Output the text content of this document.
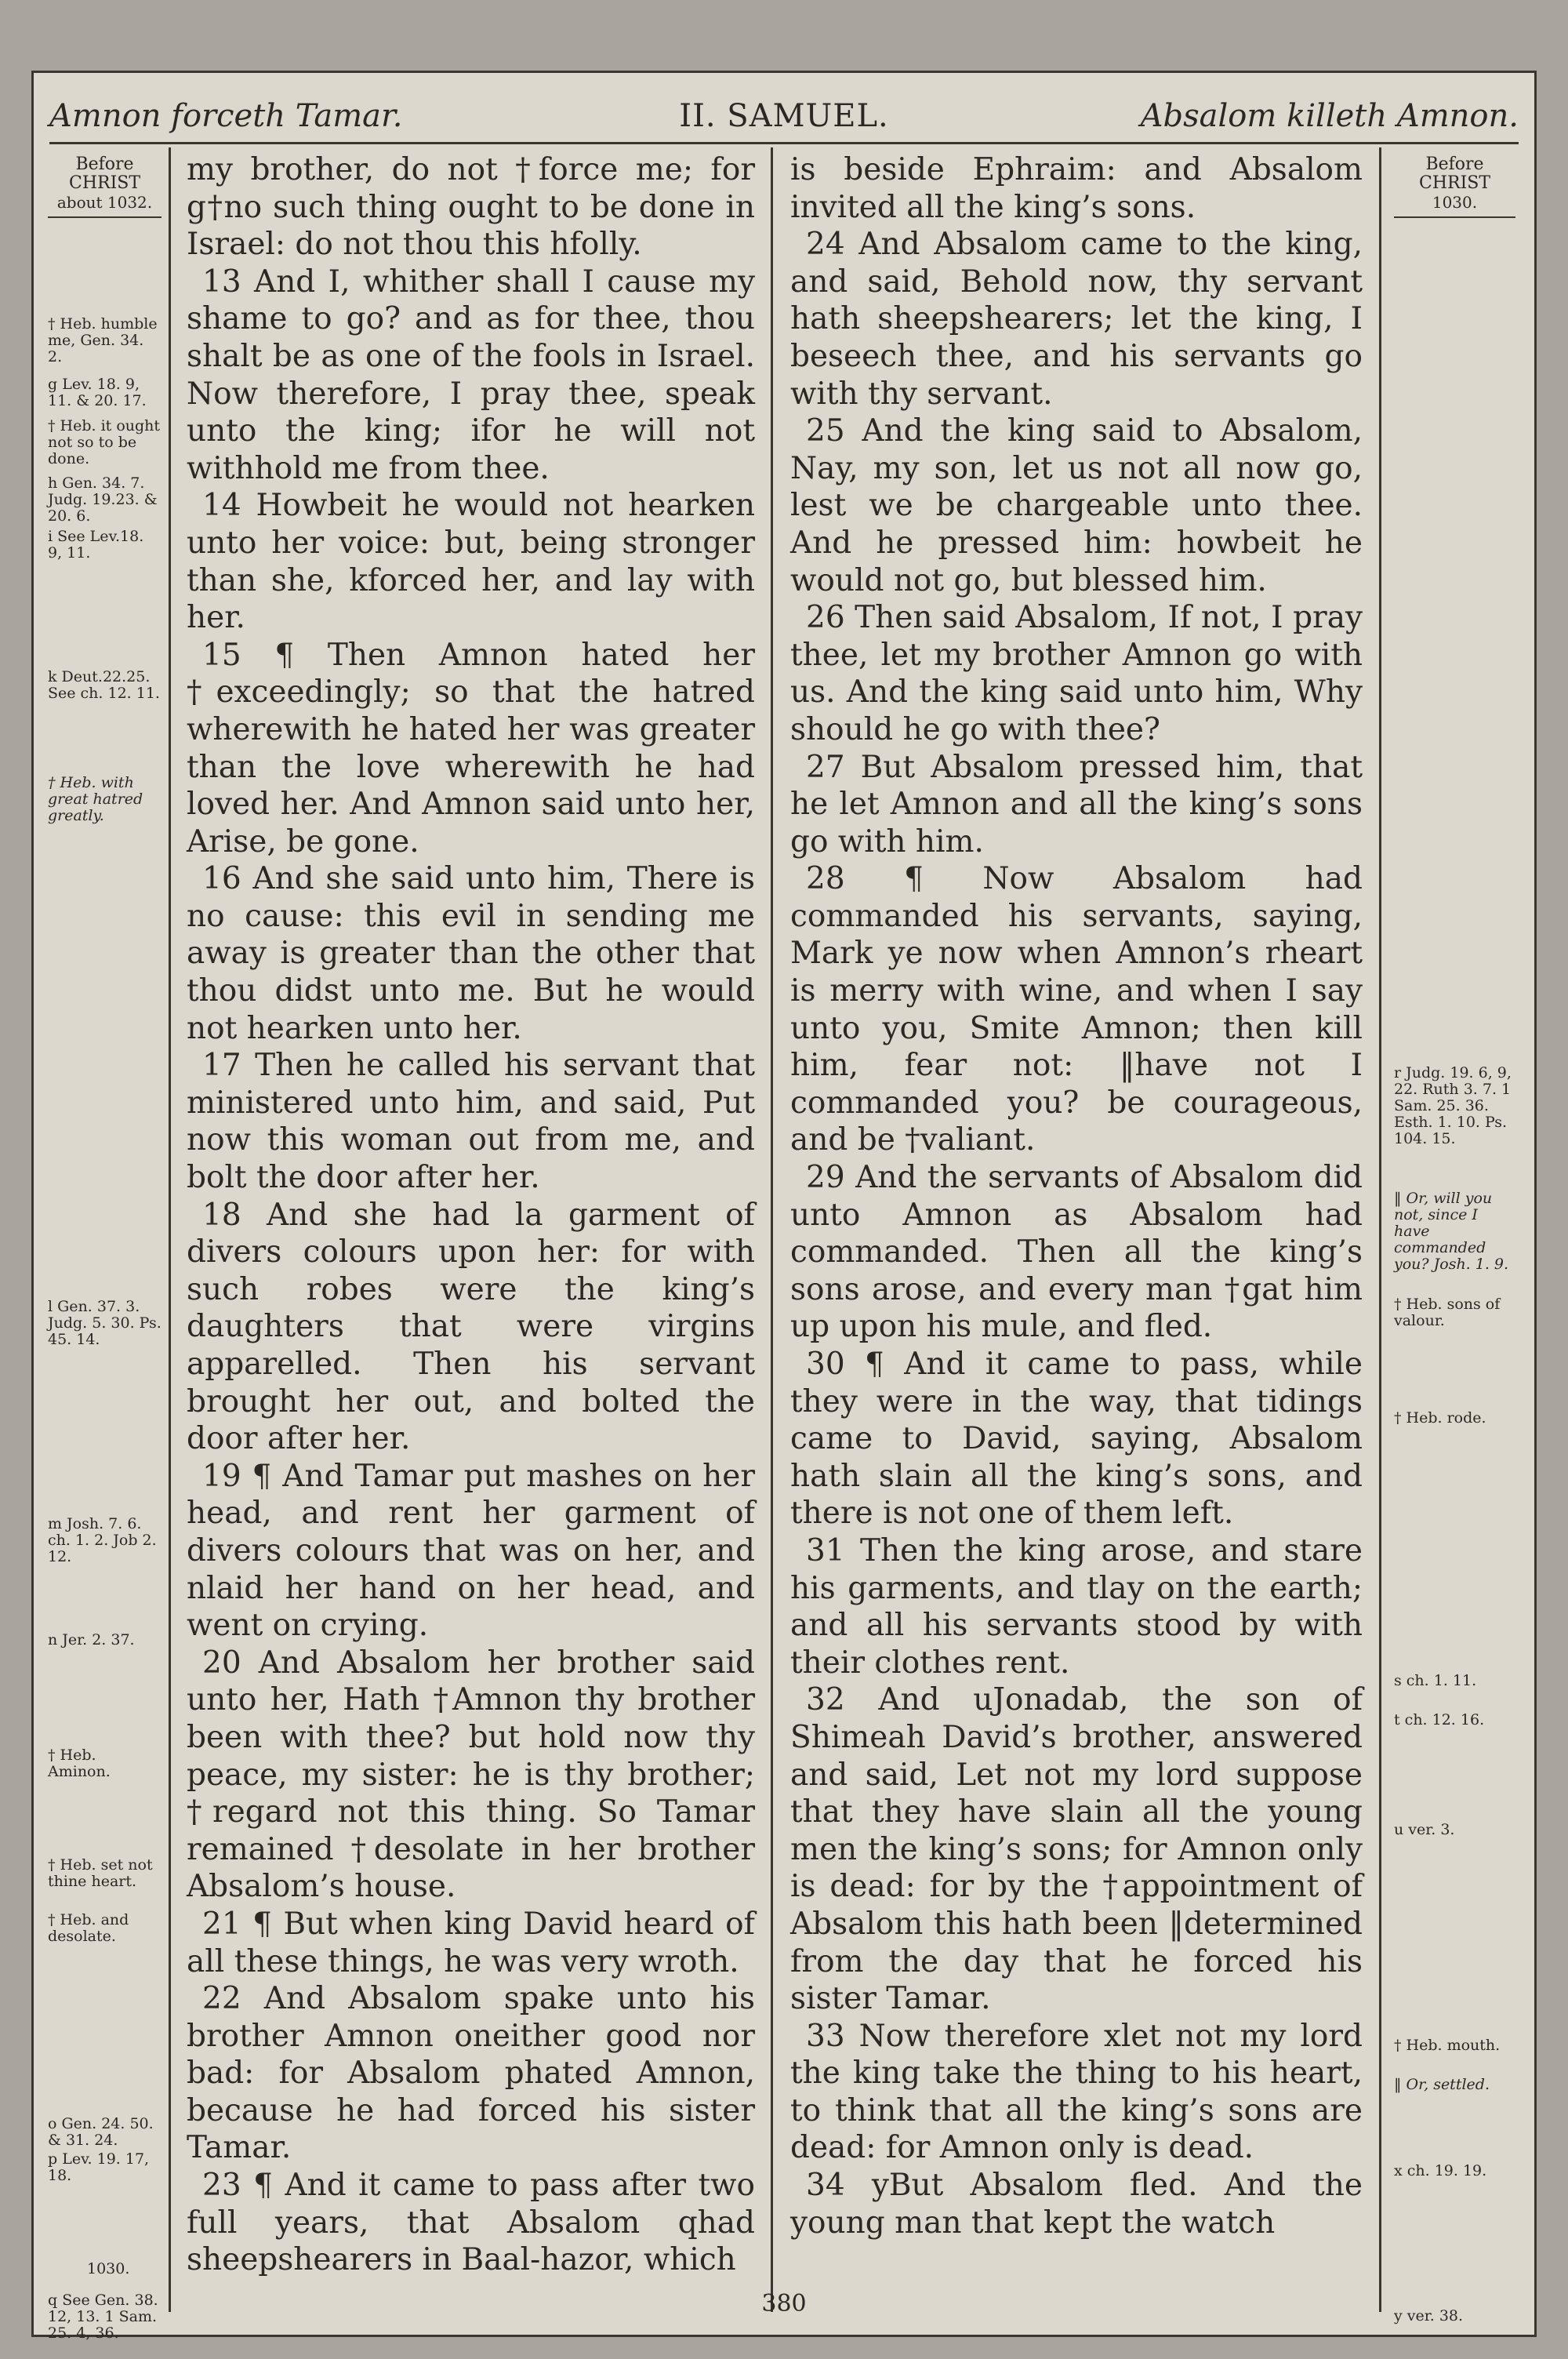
Amnon forceth Tamar.	II. SAMUEL.	Absalom killeth Amnon.
Before
CHRIST
about 1032.
† Heb. humble me, Gen. 34. 2.
g Lev. 18. 9, 11. & 20. 17.
† Heb. it ought not so to be done.
h Gen. 34. 7. Judg. 19.23. & 20. 6.
i See Lev.18. 9, 11.
k Deut.22.25. See ch. 12. 11.
† Heb. with great hatred greatly.
l Gen. 37. 3. Judg. 5. 30. Ps. 45. 14.
m Josh. 7. 6. ch. 1. 2. Job 2. 12.
n Jer. 2. 37.
† Heb. Aminon.
† Heb. set not thine heart.
† Heb. and desolate.
o Gen. 24. 50. & 31. 24.
p Lev. 19. 17, 18.
1030.
q See Gen. 38. 12, 13. 1 Sam. 25. 4, 36.

my brother, do not †force me; for g†no such thing ought to be done in Israel: do not thou this hfolly.

13 And I, whither shall I cause my shame to go? and as for thee, thou shalt be as one of the fools in Israel. Now therefore, I pray thee, speak unto the king; ifor he will not withhold me from thee.

14 Howbeit he would not hearken unto her voice: but, being stronger than she, kforced her, and lay with her.

15 ¶ Then Amnon hated her †exceedingly; so that the hatred wherewith he hated her was greater than the love wherewith he had loved her. And Amnon said unto her, Arise, be gone.

16 And she said unto him, There is no cause: this evil in sending me away is greater than the other that thou didst unto me. But he would not hearken unto her.

17 Then he called his servant that ministered unto him, and said, Put now this woman out from me, and bolt the door after her.

18 And she had la garment of divers colours upon her: for with such robes were the king’s daughters that were virgins apparelled. Then his servant brought her out, and bolted the door after her.

19 ¶ And Tamar put mashes on her head, and rent her garment of divers colours that was on her, and nlaid her hand on her head, and went on crying.

20 And Absalom her brother said unto her, Hath †Amnon thy brother been with thee? but hold now thy peace, my sister: he is thy brother; †regard not this thing. So Tamar remained †desolate in her brother Absalom’s house.

21 ¶ But when king David heard of all these things, he was very wroth.

22 And Absalom spake unto his brother Amnon oneither good nor bad: for Absalom phated Amnon, because he had forced his sister Tamar.

23 ¶ And it came to pass after two full years, that Absalom qhad sheepshearers in Baal-hazor, which

is beside Ephraim: and Absalom invited all the king’s sons.

24 And Absalom came to the king, and said, Behold now, thy servant hath sheepshearers; let the king, I beseech thee, and his servants go with thy servant.

25 And the king said to Absalom, Nay, my son, let us not all now go, lest we be chargeable unto thee. And he pressed him: howbeit he would not go, but blessed him.

26 Then said Absalom, If not, I pray thee, let my brother Amnon go with us. And the king said unto him, Why should he go with thee?

27 But Absalom pressed him, that he let Amnon and all the king’s sons go with him.

28 ¶ Now Absalom had commanded his servants, saying, Mark ye now when Amnon’s rheart is merry with wine, and when I say unto you, Smite Amnon; then kill him, fear not: ‖have not I commanded you? be courageous, and be †valiant.

29 And the servants of Absalom did unto Amnon as Absalom had commanded. Then all the king’s sons arose, and every man †gat him up upon his mule, and fled.

30 ¶ And it came to pass, while they were in the way, that tidings came to David, saying, Absalom hath slain all the king’s sons, and there is not one of them left.

31 Then the king arose, and stare his garments, and tlay on the earth; and all his servants stood by with their clothes rent.

32 And uJonadab, the son of Shimeah David’s brother, answered and said, Let not my lord suppose that they have slain all the young men the king’s sons; for Amnon only is dead: for by the †appointment of Absalom this hath been ‖determined from the day that he forced his sister Tamar.

33 Now therefore xlet not my lord the king take the thing to his heart, to think that all the king’s sons are dead: for Amnon only is dead.

34 yBut Absalom fled. And the young man that kept the watch

Before
CHRIST
1030.
r Judg. 19. 6, 9, 22. Ruth 3. 7. 1 Sam. 25. 36. Esth. 1. 10. Ps. 104. 15.
‖ Or, will you not, since I have commanded you? Josh. 1. 9.
† Heb. sons of valour.
† Heb. rode.
s ch. 1. 11.
t ch. 12. 16.
u ver. 3.
† Heb. mouth.
‖ Or, settled.
x ch. 19. 19.
y ver. 38.
380
